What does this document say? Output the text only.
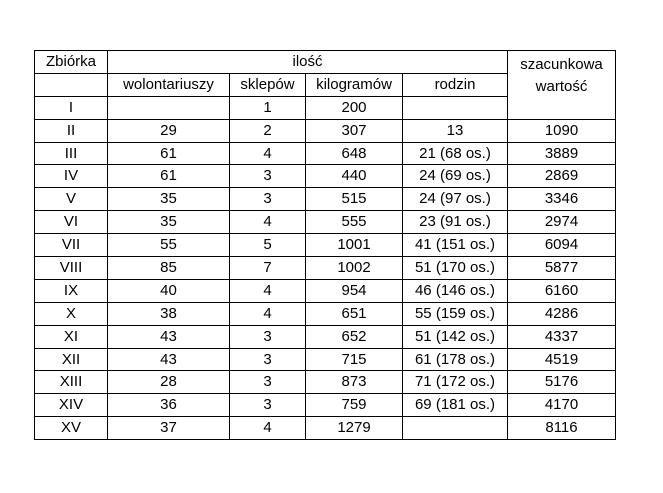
Zbiórka	ilość				szacunkowa
wartość
	wolontariuszy	sklepów	kilogramów	rodzin	
I		1	200		
II	29	2	307	13	1090
III	61	4	648	21 (68 os.)	3889
IV	61	3	440	24 (69 os.)	2869
V	35	3	515	24 (97 os.)	3346
VI	35	4	555	23 (91 os.)	2974
VII	55	5	1001	41 (151 os.)	6094
VIII	85	7	1002	51 (170 os.)	5877
IX	40	4	954	46 (146 os.)	6160
X	38	4	651	55 (159 os.)	4286
XI	43	3	652	51 (142 os.)	4337
XII	43	3	715	61 (178 os.)	4519
XIII	28	3	873	71 (172 os.)	5176
XIV	36	3	759	69 (181 os.)	4170
XV	37	4	1279		8116
